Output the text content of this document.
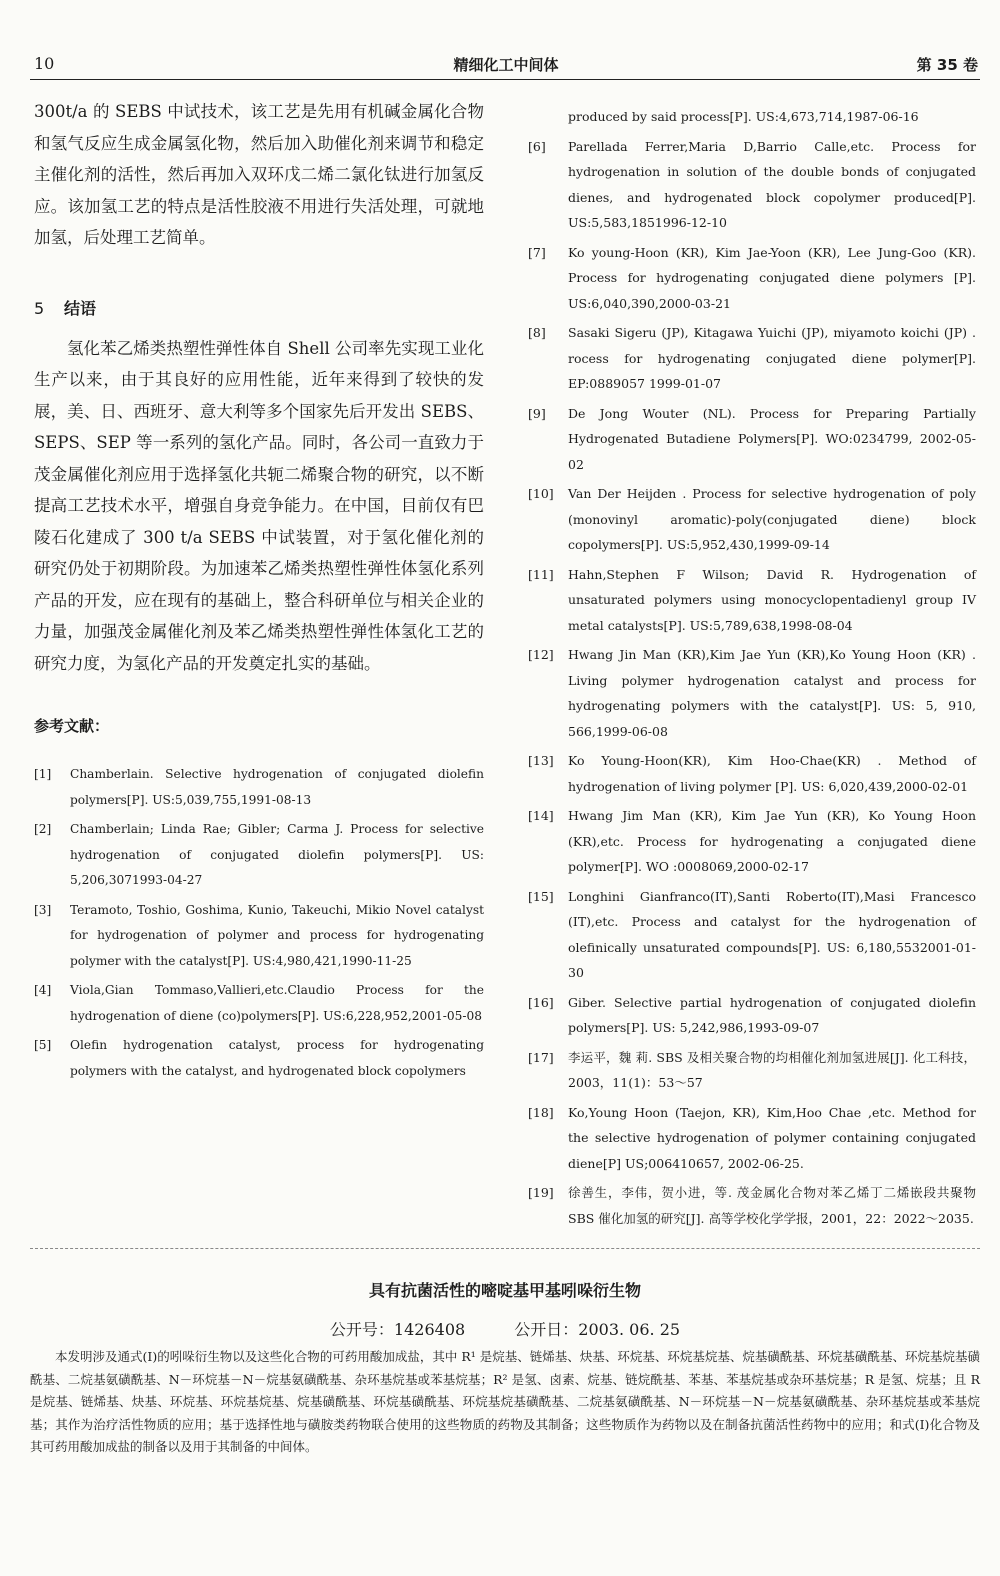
10	精细化工中间体	第 35 卷

300t/a 的 SEBS 中试技术，该工艺是先用有机碱金属化合物和氢气反应生成金属氢化物，然后加入助催化剂来调节和稳定主催化剂的活性，然后再加入双环戊二烯二氯化钛进行加氢反应。该加氢工艺的特点是活性胶液不用进行失活处理，可就地加氢，后处理工艺简单。

5 结语

氢化苯乙烯类热塑性弹性体自 Shell 公司率先实现工业化生产以来，由于其良好的应用性能，近年来得到了较快的发展，美、日、西班牙、意大利等多个国家先后开发出 SEBS、SEPS、SEP 等一系列的氢化产品。同时，各公司一直致力于茂金属催化剂应用于选择氢化共轭二烯聚合物的研究，以不断提高工艺技术水平，增强自身竞争能力。在中国，目前仅有巴陵石化建成了 300 t/a SEBS 中试装置，对于氢化催化剂的研究仍处于初期阶段。为加速苯乙烯类热塑性弹性体氢化系列产品的开发，应在现有的基础上，整合科研单位与相关企业的力量，加强茂金属催化剂及苯乙烯类热塑性弹性体氢化工艺的研究力度，为氢化产品的开发奠定扎实的基础。

参考文献：
[1] Chamberlain. Selective hydrogenation of conjugated diolefin polymers[P]. US:5,039,755,1991-08-13
[2] Chamberlain; Linda Rae; Gibler; Carma J. Process for selective hydrogenation of conjugated diolefin polymers[P]. US: 5,206,3071993-04-27
[3] Teramoto, Toshio, Goshima, Kunio, Takeuchi, Mikio Novel catalyst for hydrogenation of polymer and process for hydrogenating polymer with the catalyst[P]. US:4,980,421,1990-11-25
[4] Viola,Gian Tommaso,Vallieri,etc.Claudio Process for the hydrogenation of diene (co)polymers[P]. US:6,228,952,2001-05-08
[5] Olefin hydrogenation catalyst, process for hydrogenating polymers with the catalyst, and hydrogenated block copolymers
produced by said process[P]. US:4,673,714,1987-06-16
[6] Parellada Ferrer,Maria D,Barrio Calle,etc. Process for hydrogenation in solution of the double bonds of conjugated dienes, and hydrogenated block copolymer produced[P]. US:5,583,1851996-12-10
[7] Ko young-Hoon (KR), Kim Jae-Yoon (KR), Lee Jung-Goo (KR). Process for hydrogenating conjugated diene polymers [P]. US:6,040,390,2000-03-21
[8] Sasaki Sigeru (JP), Kitagawa Yuichi (JP), miyamoto koichi (JP) . rocess for hydrogenating conjugated diene polymer[P]. EP:0889057 1999-01-07
[9] De Jong Wouter (NL). Process for Preparing Partially Hydrogenated Butadiene Polymers[P]. WO:0234799, 2002-05-02
[10] Van Der Heijden . Process for selective hydrogenation of poly (monovinyl aromatic)-poly(conjugated diene) block copolymers[P]. US:5,952,430,1999-09-14
[11] Hahn,Stephen F Wilson; David R. Hydrogenation of unsaturated polymers using monocyclopentadienyl group IV metal catalysts[P]. US:5,789,638,1998-08-04
[12] Hwang Jin Man (KR),Kim Jae Yun (KR),Ko Young Hoon (KR) . Living polymer hydrogenation catalyst and process for hydrogenating polymers with the catalyst[P]. US: 5, 910, 566,1999-06-08
[13] Ko Young-Hoon(KR), Kim Hoo-Chae(KR) . Method of hydrogenation of living polymer [P]. US: 6,020,439,2000-02-01
[14] Hwang Jim Man (KR), Kim Jae Yun (KR), Ko Young Hoon (KR),etc. Process for hydrogenating a conjugated diene polymer[P]. WO :0008069,2000-02-17
[15] Longhini Gianfranco(IT),Santi Roberto(IT),Masi Francesco (IT),etc. Process and catalyst for the hydrogenation of olefinically unsaturated compounds[P]. US: 6,180,5532001-01-30
[16] Giber. Selective partial hydrogenation of conjugated diolefin polymers[P]. US: 5,242,986,1993-09-07
[17] 李运平，魏 莉. SBS 及相关聚合物的均相催化剂加氢进展[J]. 化工科技，2003，11(1)：53～57
[18] Ko,Young Hoon (Taejon, KR), Kim,Hoo Chae ,etc. Method for the selective hydrogenation of polymer containing conjugated diene[P] US;006410657, 2002-06-25.
[19] 徐善生，李伟，贺小进，等. 茂金属化合物对苯乙烯丁二烯嵌段共聚物 SBS 催化加氢的研究[J]. 高等学校化学学报，2001，22：2022～2035.
具有抗菌活性的嘧啶基甲基吲哚衍生物
公开号：1426408	公开日：2003. 06. 25

本发明涉及通式(I)的吲哚衍生物以及这些化合物的可药用酸加成盐，其中 R¹ 是烷基、链烯基、炔基、环烷基、环烷基烷基、烷基磺酰基、环烷基磺酰基、环烷基烷基磺酰基、二烷基氨磺酰基、N－环烷基－N－烷基氨磺酰基、杂环基烷基或苯基烷基；R² 是氢、卤素、烷基、链烷酰基、苯基、苯基烷基或杂环基烷基；R 是氢、烷基；且 R 是烷基、链烯基、炔基、环烷基、环烷基烷基、烷基磺酰基、环烷基磺酰基、环烷基烷基磺酰基、二烷基氨磺酰基、N－环烷基－N－烷基氨磺酰基、杂环基烷基或苯基烷基；其作为治疗活性物质的应用；基于选择性地与磺胺类药物联合使用的这些物质的药物及其制备；这些物质作为药物以及在制备抗菌活性药物中的应用；和式(I)化合物及其可药用酸加成盐的制备以及用于其制备的中间体。
